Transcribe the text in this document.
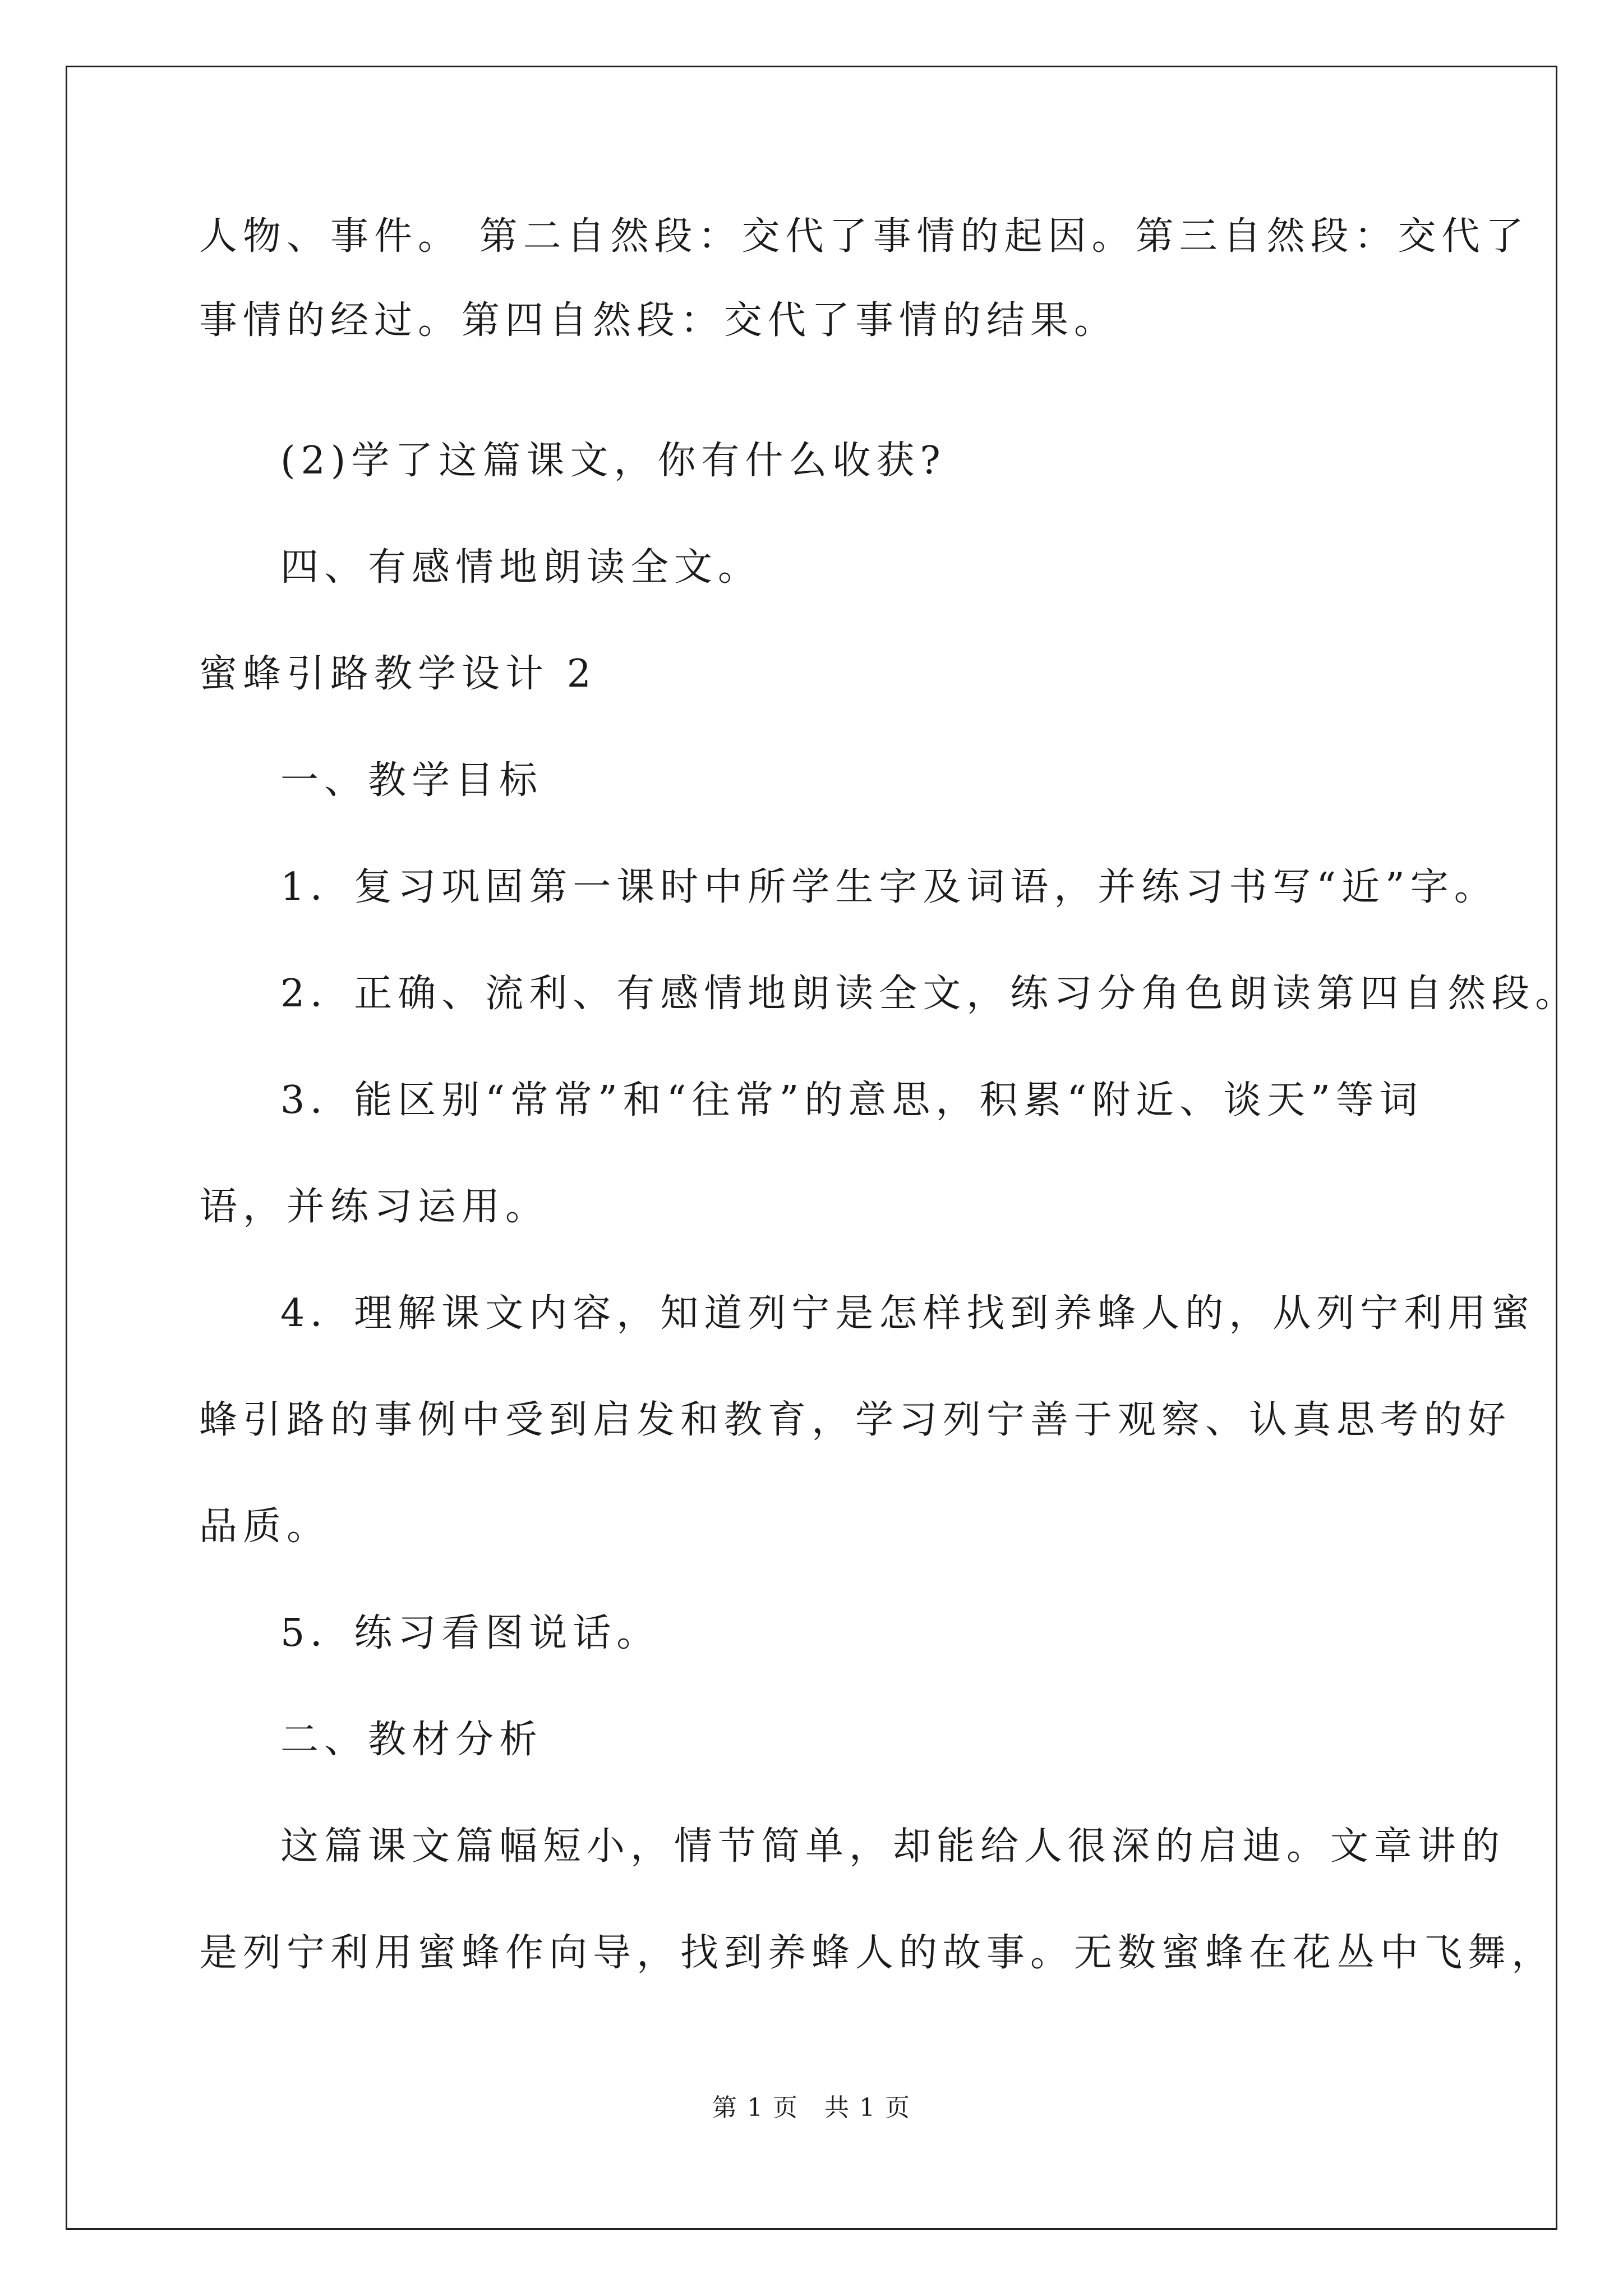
人物、事件。 第二自然段：交代了事情的起因。第三自然段：交代了
事情的经过。第四自然段：交代了事情的结果。
(2)学了这篇课文，你有什么收获?
四、有感情地朗读全文。
蜜蜂引路教学设计 2
一、教学目标
1．复习巩固第一课时中所学生字及词语，并练习书写“近”字。
2．正确、流利、有感情地朗读全文，练习分角色朗读第四自然段。
3．能区别“常常”和“往常”的意思，积累“附近、谈天”等词
语，并练习运用。
4．理解课文内容，知道列宁是怎样找到养蜂人的，从列宁利用蜜
蜂引路的事例中受到启发和教育，学习列宁善于观察、认真思考的好
品质。
5．练习看图说话。
二、教材分析
这篇课文篇幅短小，情节简单，却能给人很深的启迪。文章讲的
是列宁利用蜜蜂作向导，找到养蜂人的故事。无数蜜蜂在花丛中飞舞，
第 1 页　共 1 页
